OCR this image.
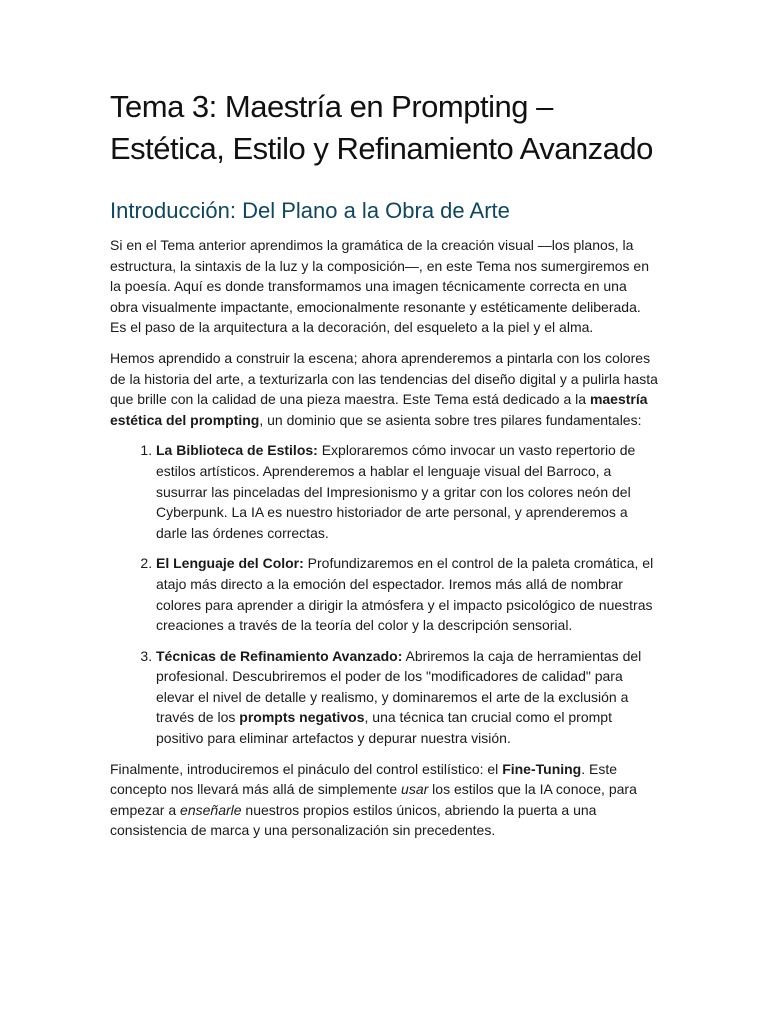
Tema 3: Maestría en Prompting – Estética, Estilo y Refinamiento Avanzado
Introducción: Del Plano a la Obra de Arte

Si en el Tema anterior aprendimos la gramática de la creación visual —los planos, la estructura, la sintaxis de la luz y la composición—, en este Tema nos sumergiremos en la poesía. Aquí es donde transformamos una imagen técnicamente correcta en una obra visualmente impactante, emocionalmente resonante y estéticamente deliberada. Es el paso de la arquitectura a la decoración, del esqueleto a la piel y el alma.

Hemos aprendido a construir la escena; ahora aprenderemos a pintarla con los colores de la historia del arte, a texturizarla con las tendencias del diseño digital y a pulirla hasta que brille con la calidad de una pieza maestra. Este Tema está dedicado a la maestría estética del prompting, un dominio que se asienta sobre tres pilares fundamentales:

1. La Biblioteca de Estilos: Exploraremos cómo invocar un vasto repertorio de estilos artísticos. Aprenderemos a hablar el lenguaje visual del Barroco, a susurrar las pinceladas del Impresionismo y a gritar con los colores neón del Cyberpunk. La IA es nuestro historiador de arte personal, y aprenderemos a darle las órdenes correctas.
2. El Lenguaje del Color: Profundizaremos en el control de la paleta cromática, el atajo más directo a la emoción del espectador. Iremos más allá de nombrar colores para aprender a dirigir la atmósfera y el impacto psicológico de nuestras creaciones a través de la teoría del color y la descripción sensorial.
3. Técnicas de Refinamiento Avanzado: Abriremos la caja de herramientas del profesional. Descubriremos el poder de los "modificadores de calidad" para elevar el nivel de detalle y realismo, y dominaremos el arte de la exclusión a través de los prompts negativos, una técnica tan crucial como el prompt positivo para eliminar artefactos y depurar nuestra visión.

Finalmente, introduciremos el pináculo del control estilístico: el Fine-Tuning. Este concepto nos llevará más allá de simplemente usar los estilos que la IA conoce, para empezar a enseñarle nuestros propios estilos únicos, abriendo la puerta a una consistencia de marca y una personalización sin precedentes.
